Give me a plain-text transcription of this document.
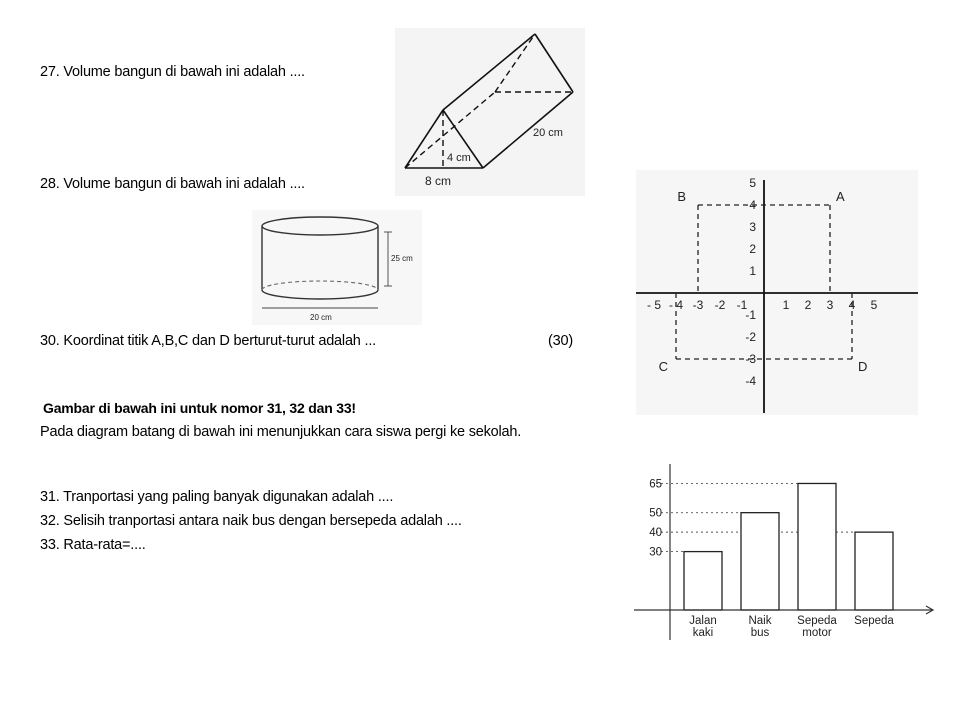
27. Volume bangun di bawah ini adalah ....
28. Volume bangun di bawah ini adalah ....
30. Koordinat titik A,B,C dan D berturut-turut adalah ...	(30)
Gambar di bawah ini untuk nomor 31, 32 dan 33!
Pada diagram batang di bawah ini menunjukkan cara siswa pergi ke sekolah.
31. Tranportasi yang paling banyak digunakan adalah ....
32. Selisih tranportasi antara naik bus dengan bersepeda adalah ....
33. Rata-rata=....
20 cm
4 cm
8 cm
25 cm
20 cm
- 5 - 4 -3 -2 -1	1 2 3 4 5
5
4
3
2
1
-1
-2
-3
-4
A
B
C	D
65
50
40
30
Jalan kaki
Naik bus
Sepeda motor
Sepeda
